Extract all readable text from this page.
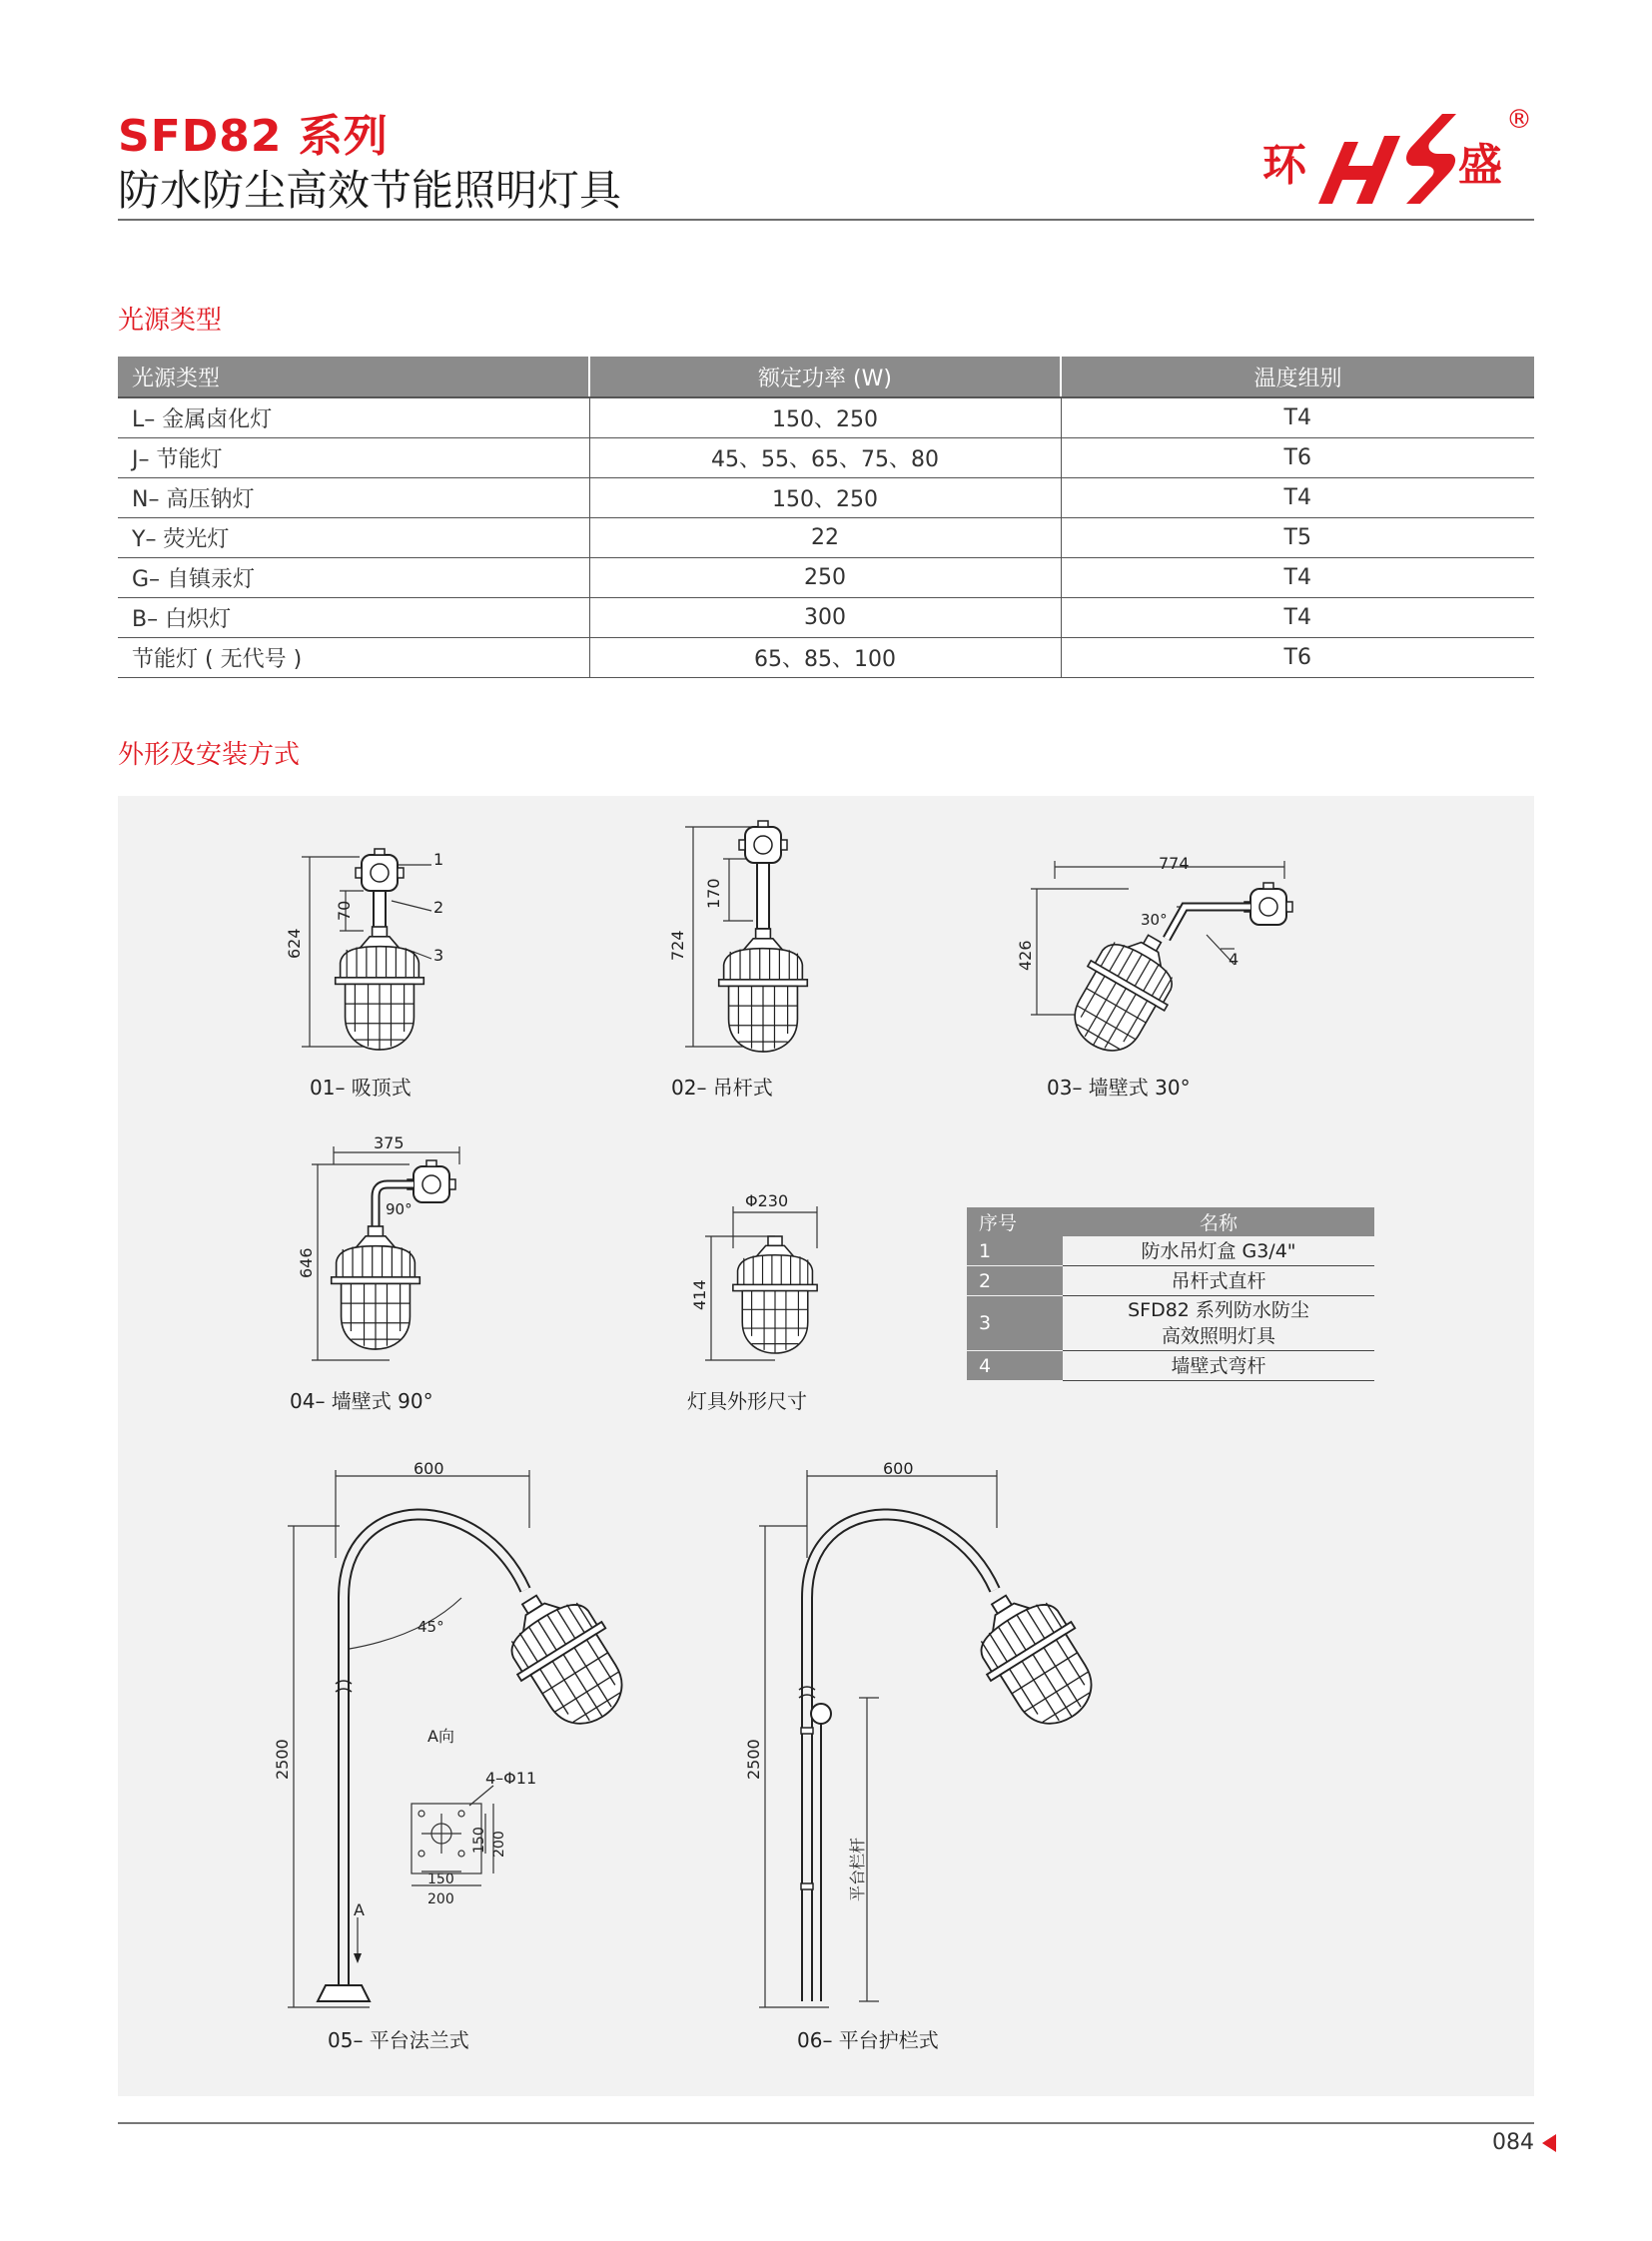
SFD82 系列
防水防尘高效节能照明灯具	环	盛
®
光源类型
光源类型	额定功率 (W)	温度组别
L– 金属卤化灯	150、250	T4
J– 节能灯	45、55、65、75、80	T6
N– 高压钠灯	150、250	T4
Y– 荧光灯	22	T5
G– 自镇汞灯	250	T4
B– 白炽灯	300	T4
节能灯 ( 无代号 )	65、85、100	T6
外形及安装方式
624
70
1
2
3
01– 吸顶式
724
170
02– 吊杆式
774
426
30°
4
03– 墙壁式 30°
375
646
90°
04– 墙壁式 90°
Φ230
414
灯具外形尺寸
600
45°
2500
A向
4–Φ11
150 200
150
200
A
05– 平台法兰式
600
2500
平台栏杆
06– 平台护栏式
序号	名称
1	防水吊灯盒 G3/4"
2	吊杆式直杆
3	SFD82 系列防水防尘
高效照明灯具

4	墙壁式弯杆
084
